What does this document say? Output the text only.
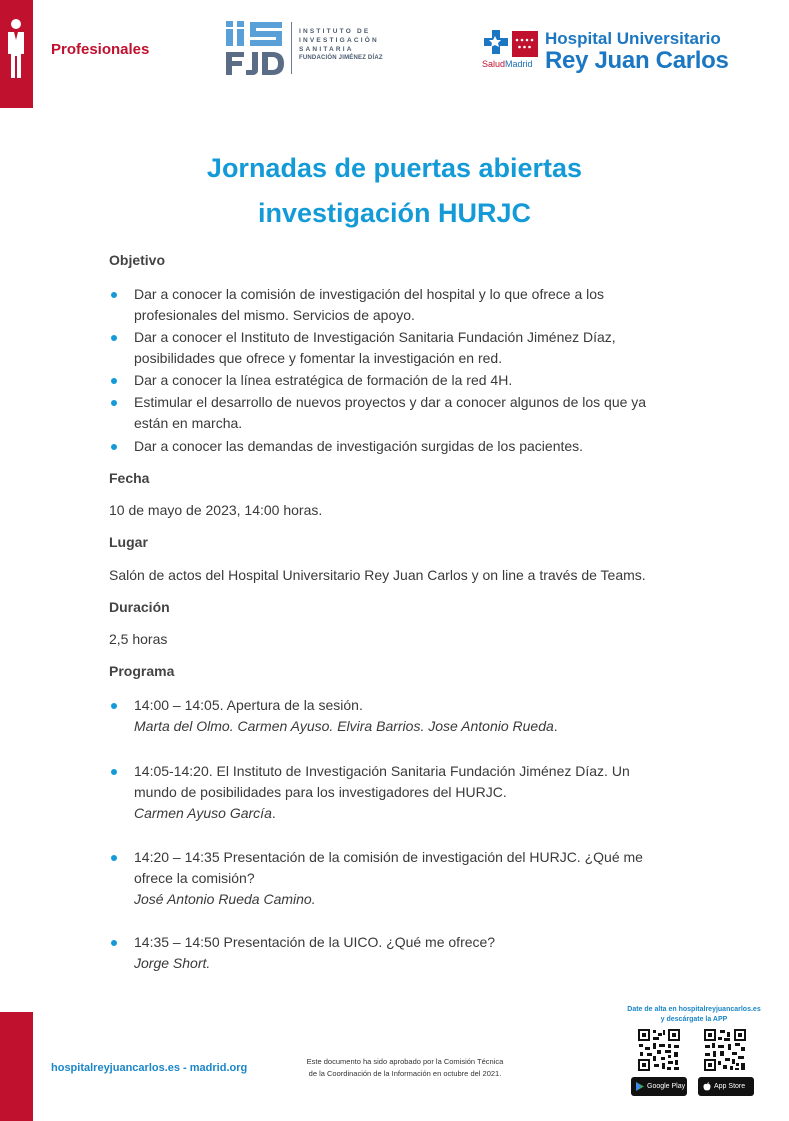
Profesionales
INSTITUTO DE
INVESTIGACIÓN
SANITARIA
FUNDACIÓN JIMÉNEZ DÍAZ
SaludMadrid
Hospital Universitario
Rey Juan Carlos
Jornadas de puertas abiertas
investigación HURJC
Objetivo
Dar a conocer la comisión de investigación del hospital y lo que ofrece a los
profesionales del mismo. Servicios de apoyo.
Dar a conocer el Instituto de Investigación Sanitaria Fundación Jiménez Díaz,
posibilidades que ofrece y fomentar la investigación en red.
Dar a conocer la línea estratégica de formación de la red 4H.
Estimular el desarrollo de nuevos proyectos y dar a conocer algunos de los que ya
están en marcha.
Dar a conocer las demandas de investigación surgidas de los pacientes.
Fecha
10 de mayo de 2023, 14:00 horas.
Lugar
Salón de actos del Hospital Universitario Rey Juan Carlos y on line a través de Teams.
Duración
2,5 horas
Programa
14:00 – 14:05. Apertura de la sesión.
Marta del Olmo. Carmen Ayuso. Elvira Barrios. Jose Antonio Rueda.
14:05-14:20. El Instituto de Investigación Sanitaria Fundación Jiménez Díaz. Un
mundo de posibilidades para los investigadores del HURJC.
Carmen Ayuso García.
14:20 – 14:35 Presentación de la comisión de investigación del HURJC. ¿Qué me
ofrece la comisión?
José Antonio Rueda Camino.
14:35 – 14:50 Presentación de la UICO. ¿Qué me ofrece?
Jorge Short.
hospitalreyjuancarlos.es - madrid.org
Este documento ha sido aprobado por la Comisión Técnica
de la Coordinación de la Información en octubre del 2021.
Date de alta en hospitalreyjuancarlos.es
y descárgate la APP
Google Play	App Store
